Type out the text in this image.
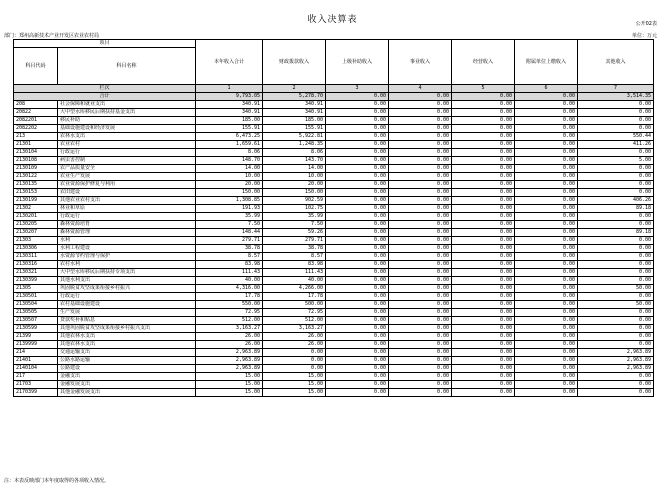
收入决算表	公开02表
部门：郑州高新技术产业开发区农业农村局	单位：万元
项目		本年收入合计	财政拨款收入	上级补助收入	事业收入	经营收入	附属单位上缴收入	其他收入
科目代码	科目名称							
栏次		1	2	3	4	5	6	7
合计		9,793.05	5,278.70	0.00	0.00	0.00	0.00	3,514.35
208	社会保障和就业支出	340.91	340.91	0.00	0.00	0.00	0.00	0.00
20822	大中型水库移民后期扶持基金支出	340.91	340.91	0.00	0.00	0.00	0.00	0.00
2082201	移民补助	185.00	185.00	0.00	0.00	0.00	0.00	0.00
2082202	基础设施建设和经济发展	155.91	155.91	0.00	0.00	0.00	0.00	0.00
213	农林水支出	6,473.25	5,922.81	0.00	0.00	0.00	0.00	550.44
21301	农业农村	1,659.61	1,248.35	0.00	0.00	0.00	0.00	411.26
2130104	行政运行	8.06	8.06	0.00	0.00	0.00	0.00	0.00
2130108	病虫害控制	148.70	143.70	0.00	0.00	0.00	0.00	5.00
2130109	农产品质量安全	14.00	14.00	0.00	0.00	0.00	0.00	0.00
2130122	农业生产发展	10.00	10.00	0.00	0.00	0.00	0.00	0.00
2130135	农业资源保护修复与利用	20.00	20.00	0.00	0.00	0.00	0.00	0.00
2130153	农田建设	150.00	150.00	0.00	0.00	0.00	0.00	0.00
2130199	其他农业农村支出	1,308.85	902.59	0.00	0.00	0.00	0.00	406.26
21302	林业和草原	191.93	102.75	0.00	0.00	0.00	0.00	89.18
2130201	行政运行	35.99	35.99	0.00	0.00	0.00	0.00	0.00
2130205	森林资源培育	7.50	7.50	0.00	0.00	0.00	0.00	0.00
2130207	森林资源管理	148.44	59.26	0.00	0.00	0.00	0.00	89.18
21303	水利	279.71	279.71	0.00	0.00	0.00	0.00	0.00
2130306	水利工程建设	38.78	38.78	0.00	0.00	0.00	0.00	0.00
2130311	水资源节约管理与保护	8.57	8.57	0.00	0.00	0.00	0.00	0.00
2130316	农村水利	83.98	83.98	0.00	0.00	0.00	0.00	0.00
2130321	大中型水库移民后期扶持专项支出	111.43	111.43	0.00	0.00	0.00	0.00	0.00
2130399	其他水利支出	40.00	40.00	0.00	0.00	0.00	0.00	0.00
21305	巩固脱贫攻坚成果衔接乡村振兴	4,316.00	4,266.00	0.00	0.00	0.00	0.00	50.00
2130501	行政运行	17.78	17.78	0.00	0.00	0.00	0.00	0.00
2130504	农村基础设施建设	550.00	500.00	0.00	0.00	0.00	0.00	50.00
2130505	生产发展	72.95	72.95	0.00	0.00	0.00	0.00	0.00
2130507	贷款奖补和贴息	512.00	512.00	0.00	0.00	0.00	0.00	0.00
2130599	其他巩固脱贫攻坚成果衔接乡村振兴支出	3,163.27	3,163.27	0.00	0.00	0.00	0.00	0.00
21399	其他农林水支出	26.00	26.00	0.00	0.00	0.00	0.00	0.00
2139999	其他农林水支出	26.00	26.00	0.00	0.00	0.00	0.00	0.00
214	交通运输支出	2,963.89	0.00	0.00	0.00	0.00	0.00	2,963.89
21401	公路水路运输	2,963.89	0.00	0.00	0.00	0.00	0.00	2,963.89
2140104	公路建设	2,963.89	0.00	0.00	0.00	0.00	0.00	2,963.89
217	金融支出	15.00	15.00	0.00	0.00	0.00	0.00	0.00
21703	金融发展支出	15.00	15.00	0.00	0.00	0.00	0.00	0.00
2170399	其他金融发展支出	15.00	15.00	0.00	0.00	0.00	0.00	0.00
注：本表反映部门本年度取得的各项收入情况。
